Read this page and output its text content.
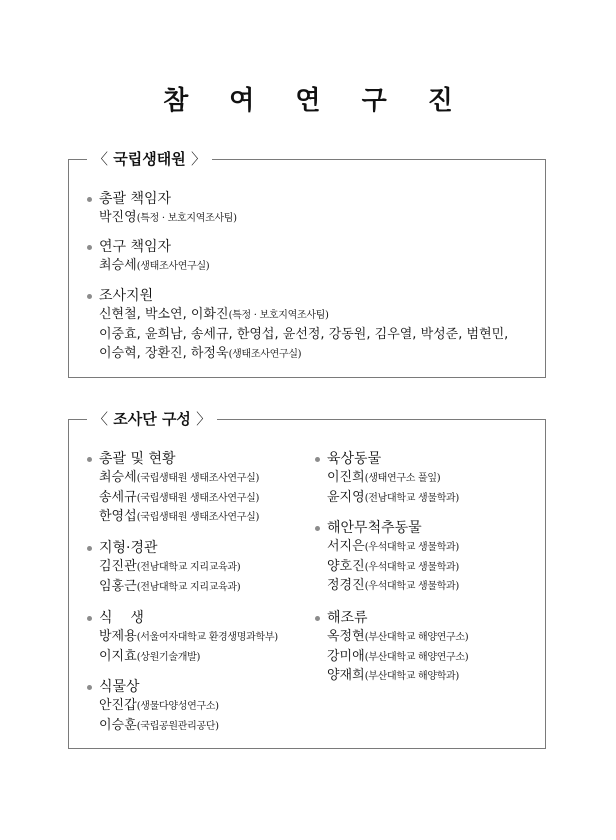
참 여 연 구 진
〈 국립생태원 〉
총괄 책임자
박진영(특정 · 보호지역조사팀)
연구 책임자
최승세(생태조사연구실)
조사지원
신현철, 박소연, 이화진(특정 · 보호지역조사팀)
이중효, 윤희남, 송세규, 한영섭, 윤선정, 강동원, 김우열, 박성준, 범현민,
이승혁, 장환진, 하정욱(생태조사연구실)
〈 조사단 구성 〉
총괄 및 현황
최승세(국립생태원 생태조사연구실)
송세규(국립생태원 생태조사연구실)
한영섭(국립생태원 생태조사연구실)
지형·경관
김진관(전남대학교 지리교육과)
임홍근(전남대학교 지리교육과)
식    생
방제용(서울여자대학교 환경생명과학부)
이지효(상원기술개발)
식물상
안진갑(생물다양성연구소)
이승훈(국립공원관리공단)
육상동물
이진희(생태연구소 풀잎)
윤지영(전남대학교 생물학과)
해안무척추동물
서지은(우석대학교 생물학과)
양호진(우석대학교 생물학과)
정경진(우석대학교 생물학과)
해조류
옥정현(부산대학교 해양연구소)
강미애(부산대학교 해양연구소)
양재희(부산대학교 해양학과)
